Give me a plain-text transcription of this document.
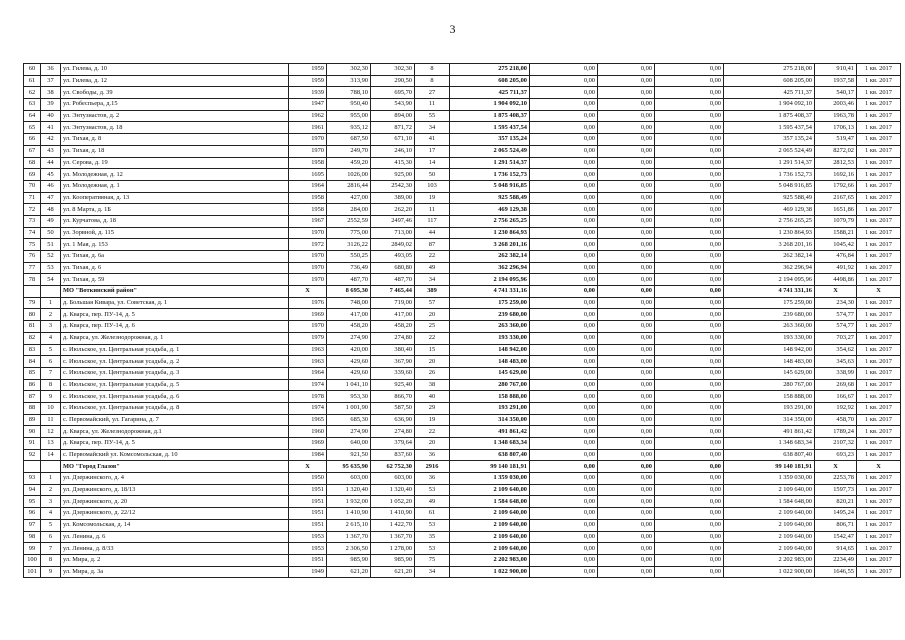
3
60	36	ул. Гилева, д. 10	1959	302,30	302,30	8	275 218,00	0,00	0,00	0,00	275 218,00	910,41	1 кв. 2017
61	37	ул. Гилева, д. 12	1959	313,90	290,50	8	608 205,00	0,00	0,00	0,00	608 205,00	1937,58	1 кв. 2017
62	38	ул. Свободы, д. 39	1939	788,10	695,70	27	425 711,37	0,00	0,00	0,00	425 711,37	540,17	1 кв. 2017
63	39	ул. Робеспьера, д.15	1947	950,40	543,90	11	1 904 092,10	0,00	0,00	0,00	1 904 092,10	2003,46	1 кв. 2017
64	40	ул. Энтузиастов, д. 2	1962	955,00	894,00	55	1 875 408,37	0,00	0,00	0,00	1 875 408,37	1963,78	1 кв. 2017
65	41	ул. Энтузиастов, д. 18	1961	935,12	871,72	34	1 595 437,54	0,00	0,00	0,00	1 595 437,54	1706,13	1 кв. 2017
66	42	ул. Тихая, д. 8	1970	687,50	671,10	41	357 135,24	0,00	0,00	0,00	357 135,24	519,47	1 кв. 2017
67	43	ул. Тихая, д. 18	1970	249,70	246,10	17	2 065 524,49	0,00	0,00	0,00	2 065 524,49	8272,02	1 кв. 2017
68	44	ул. Серова, д. 19	1958	459,20	415,30	14	1 291 514,37	0,00	0,00	0,00	1 291 514,37	2812,53	1 кв. 2017
69	45	ул. Молодежная, д. 12	1695	1026,00	925,00	50	1 736 152,73	0,00	0,00	0,00	1 736 152,73	1692,16	1 кв. 2017
70	46	ул. Молодежная, д. 1	1964	2816,44	2542,30	103	5 048 916,85	0,00	0,00	0,00	5 048 916,85	1792,66	1 кв. 2017
71	47	ул. Кооперативная, д. 13	1958	427,00	389,00	19	925 588,49	0,00	0,00	0,00	925 588,49	2167,65	1 кв. 2017
72	48	ул. 8 Марта, д. 1Б	1958	284,00	262,20	11	469 129,38	0,00	0,00	0,00	469 129,38	1651,86	1 кв. 2017
73	49	ул. Курчатова, д. 18	1967	2552,59	2497,46	117	2 756 265,25	0,00	0,00	0,00	2 756 265,25	1079,79	1 кв. 2017
74	50	ул. Зорвной, д. 115	1970	775,00	713,00	44	1 230 864,93	0,00	0,00	0,00	1 230 864,93	1588,21	1 кв. 2017
75	51	ул. 1 Мая, д. 153	1972	3126,22	2849,02	87	3 268 201,16	0,00	0,00	0,00	3 268 201,16	1045,42	1 кв. 2017
76	52	ул. Тихая, д. 6а	1970	550,25	493,05	22	262 382,14	0,00	0,00	0,00	262 382,14	476,84	1 кв. 2017
77	53	ул. Тихая, д. 6	1970	736,49	680,80	49	362 296,94	0,00	0,00	0,00	362 296,94	491,92	1 кв. 2017
78	54	ул. Тихая, д. 59	1970	487,70	487,70	34	2 194 095,96	0,00	0,00	0,00	2 194 095,96	4498,86	1 кв. 2017
		МО "Воткинский район"	X	8 695,30	7 465,44	389	4 741 331,16	0,00	0,00	0,00	4 741 331,16	X	X
79	1	д. Большая Кивара, ул. Советская, д. 1	1976	748,00	719,00	57	175 259,00	0,00	0,00	0,00	175 259,00	234,30	1 кв. 2017
80	2	д. Кварса, пер. ПУ-14, д. 5	1969	417,00	417,00	20	239 680,00	0,00	0,00	0,00	239 680,00	574,77	1 кв. 2017
81	3	д. Кварса, пер. ПУ-14, д. 6	1970	458,20	458,20	25	263 360,00	0,00	0,00	0,00	263 360,00	574,77	1 кв. 2017
82	4	д. Кварса, ул. Железнодорожная, д. 1	1979	274,90	274,80	22	193 330,00	0,00	0,00	0,00	193 330,00	703,27	1 кв. 2017
83	5	с. Июльское, ул. Центральная усадьба, д. 1	1963	420,00	380,40	15	148 942,00	0,00	0,00	0,00	148 942,00	354,62	1 кв. 2017
84	6	с. Июльское, ул. Центральная усадьба, д. 2	1963	429,60	367,90	20	148 483,00	0,00	0,00	0,00	148 483,00	345,63	1 кв. 2017
85	7	с. Июльское, ул. Центральная усадьба, д. 3	1964	429,60	339,60	26	145 629,00	0,00	0,00	0,00	145 629,00	338,99	1 кв. 2017
86	8	с. Июльское, ул. Центральная усадьба, д. 5	1974	1 041,10	925,40	38	280 767,00	0,00	0,00	0,00	280 767,00	269,68	1 кв. 2017
87	9	с. Июльское, ул. Центральная усадьба, д. 6	1978	953,30	866,70	40	158 888,00	0,00	0,00	0,00	158 888,00	166,67	1 кв. 2017
88	10	с. Июльское, ул. Центральная усадьба, д. 8	1974	1 001,90	587,50	29	193 291,00	0,00	0,00	0,00	193 291,00	192,92	1 кв. 2017
89	11	с. Первомайский, ул. Гагарина, д. 7	1965	685,30	636,90	19	314 350,00	0,00	0,00	0,00	314 350,00	458,70	1 кв. 2017
90	12	д. Кварса, ул. Железнодорожная, д.1	1960	274,90	274,80	22	491 861,42	0,00	0,00	0,00	491 861,42	1789,24	1 кв. 2017
91	13	д. Кварса, пер. ПУ-14, д. 5	1969	640,00	379,64	20	1 348 683,34	0,00	0,00	0,00	1 348 683,34	2107,32	1 кв. 2017
92	14	с. Первомайский ул. Комсомольская, д. 10	1984	921,50	837,60	36	638 807,40	0,00	0,00	0,00	638 807,40	693,23	1 кв. 2017
		МО "Город Глазов"	X	95 635,90	62 752,30	2916	99 140 181,91	0,00	0,00	0,00	99 140 181,91	X	X
93	1	ул. Дзержинского, д. 4	1950	603,00	603,00	36	1 359 030,00	0,00	0,00	0,00	1 359 030,00	2253,78	1 кв. 2017
94	2	ул. Дзержинского, д. 18/13	1951	1 320,40	1 320,40	53	2 109 640,00	0,00	0,00	0,00	2 109 640,00	1597,73	1 кв. 2017
95	3	ул. Дзержинского, д. 20	1951	1 932,00	1 052,20	49	1 584 648,00	0,00	0,00	0,00	1 584 648,00	820,21	1 кв. 2017
96	4	ул. Дзержинского, д. 22/12	1951	1 410,90	1 410,90	61	2 109 640,00	0,00	0,00	0,00	2 109 640,00	1495,24	1 кв. 2017
97	5	ул. Комсомольская, д. 14	1951	2 615,10	1 422,70	53	2 109 640,00	0,00	0,00	0,00	2 109 640,00	806,71	1 кв. 2017
98	6	ул. Ленина, д. 6	1953	1 367,70	1 367,70	35	2 109 640,00	0,00	0,00	0,00	2 109 640,00	1542,47	1 кв. 2017
99	7	ул. Ленина, д. 8/33	1953	2 306,50	1 278,00	53	2 109 640,00	0,00	0,00	0,00	2 109 640,00	914,65	1 кв. 2017
100	8	ул. Мира, д. 2	1951	985,90	985,90	75	2 202 983,00	0,00	0,00	0,00	2 202 983,00	2234,49	1 кв. 2017
101	9	ул. Мира, д. 3а	1949	621,20	621,20	34	1 022 900,00	0,00	0,00	0,00	1 022 900,00	1646,55	1 кв. 2017
